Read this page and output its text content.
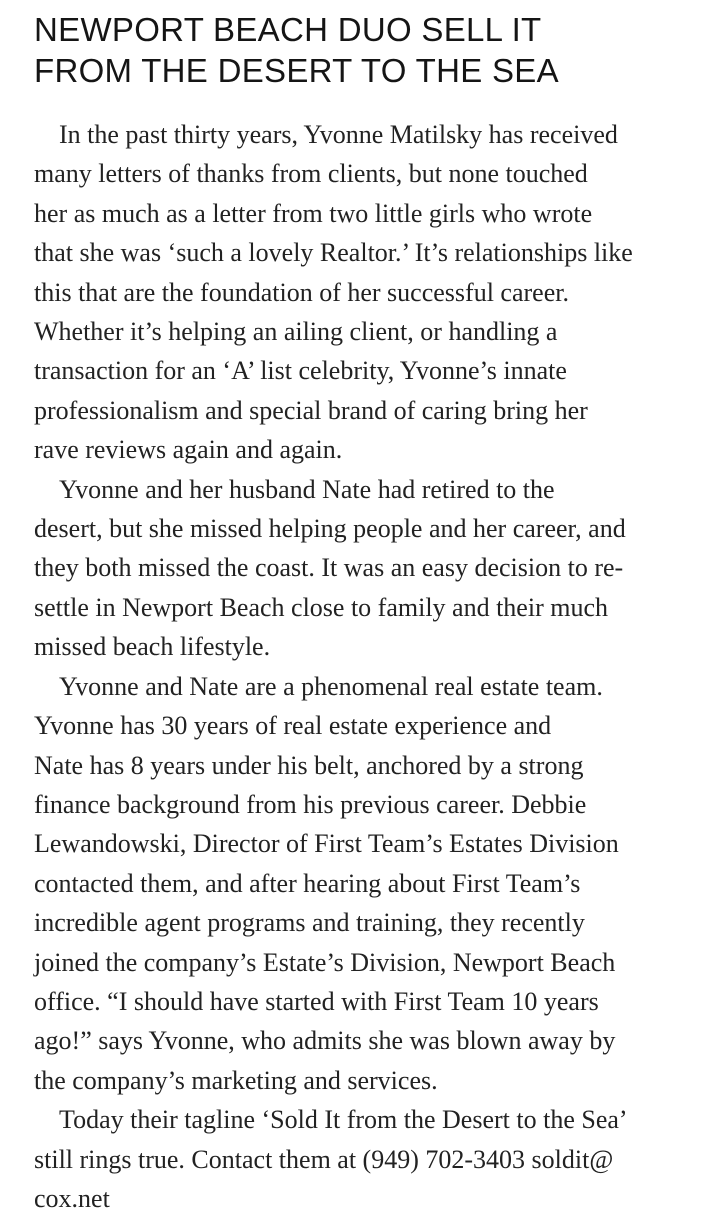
NEWPORT BEACH DUO SELL IT
FROM THE DESERT TO THE SEA

In the past thirty years, Yvonne Matilsky has received
many letters of thanks from clients, but none touched
her as much as a letter from two little girls who wrote
that she was ‘such a lovely Realtor.’ It’s relationships like
this that are the foundation of her successful career.
Whether it’s helping an ailing client, or handling a
transaction for an ‘A’ list celebrity, Yvonne’s innate
professionalism and special brand of caring bring her
rave reviews again and again.

Yvonne and her husband Nate had retired to the
desert, but she missed helping people and her career, and
they both missed the coast. It was an easy decision to re-
settle in Newport Beach close to family and their much
missed beach lifestyle.

Yvonne and Nate are a phenomenal real estate team.
Yvonne has 30 years of real estate experience and
Nate has 8 years under his belt, anchored by a strong
finance background from his previous career. Debbie
Lewandowski, Director of First Team’s Estates Division
contacted them, and after hearing about First Team’s
incredible agent programs and training, they recently
joined the company’s Estate’s Division, Newport Beach
office. “I should have started with First Team 10 years
ago!” says Yvonne, who admits she was blown away by
the company’s marketing and services.

Today their tagline ‘Sold It from the Desert to the Sea’
still rings true. Contact them at (949) 702-3403 soldit@
cox.net
